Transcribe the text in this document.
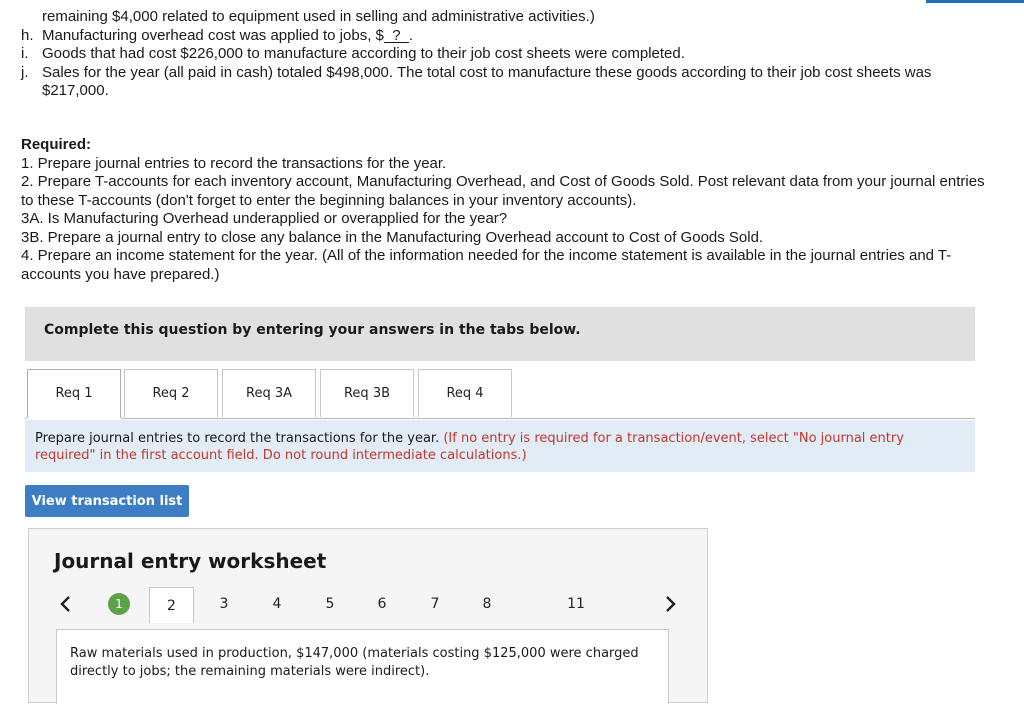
remaining $4,000 related to equipment used in selling and administrative activities.)
h. Manufacturing overhead cost was applied to jobs, $  ?  .
i. Goods that had cost $226,000 to manufacture according to their job cost sheets were completed.
j. Sales for the year (all paid in cash) totaled $498,000. The total cost to manufacture these goods according to their job cost sheets was $217,000.
Required:
1. Prepare journal entries to record the transactions for the year.
2. Prepare T-accounts for each inventory account, Manufacturing Overhead, and Cost of Goods Sold. Post relevant data from your journal entries to these T-accounts (don't forget to enter the beginning balances in your inventory accounts).
3A. Is Manufacturing Overhead underapplied or overapplied for the year?
3B. Prepare a journal entry to close any balance in the Manufacturing Overhead account to Cost of Goods Sold.
4. Prepare an income statement for the year. (All of the information needed for the income statement is available in the journal entries and T-accounts you have prepared.)
Complete this question by entering your answers in the tabs below.
Req 1	Req 2	Req 3A	Req 3B	Req 4
Prepare journal entries to record the transactions for the year. (If no entry is required for a transaction/event, select "No journal entry required" in the first account field. Do not round intermediate calculations.)
View transaction list
Journal entry worksheet
1	2	3	4	5	6	7	8	11
Raw materials used in production, $147,000 (materials costing $125,000 were charged directly to jobs; the remaining materials were indirect).
